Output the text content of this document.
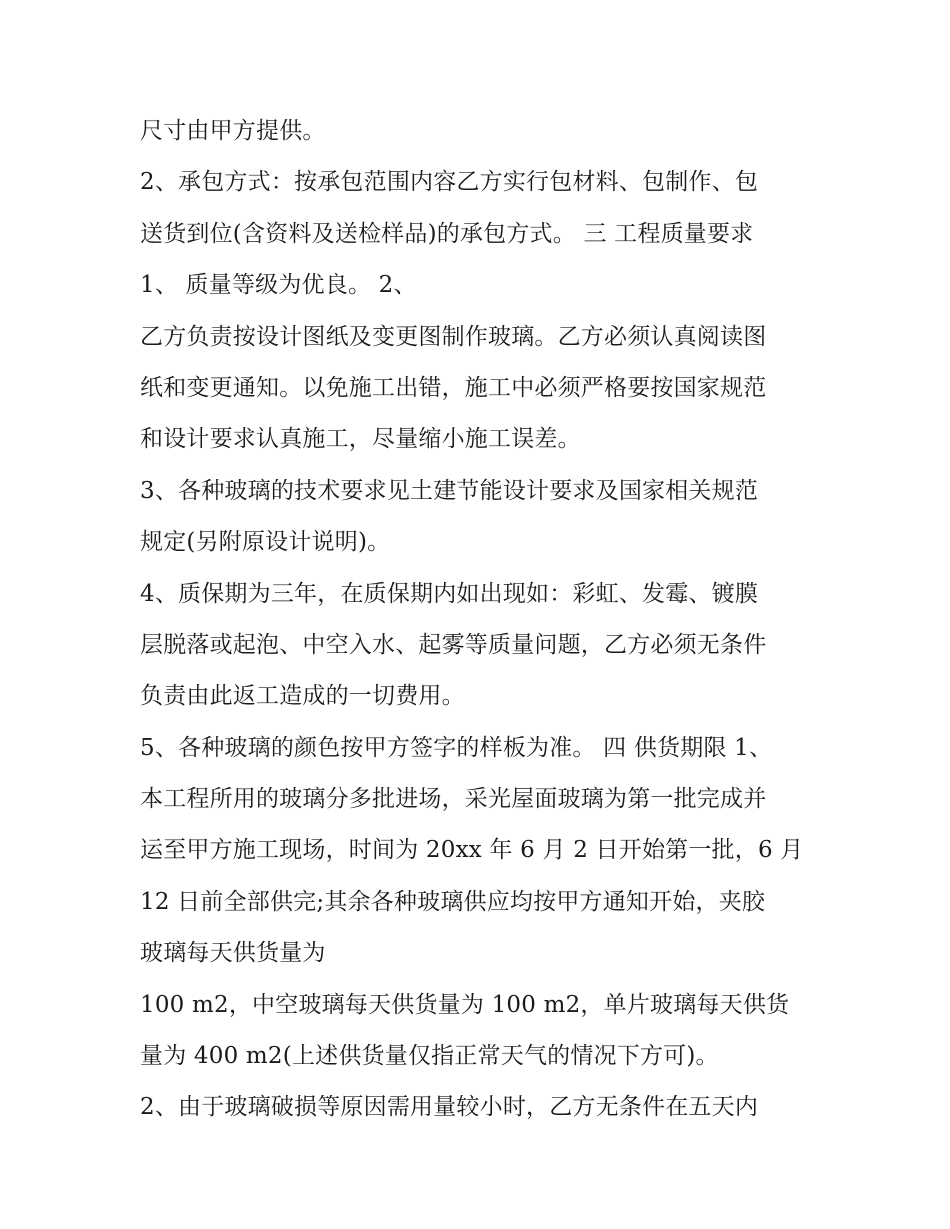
尺寸由甲方提供。
2、承包方式：按承包范围内容乙方实行包材料、包制作、包
送货到位(含资料及送检样品)的承包方式。 三 工程质量要求
1、 质量等级为优良。 2、
乙方负责按设计图纸及变更图制作玻璃。乙方必须认真阅读图
纸和变更通知。以免施工出错，施工中必须严格要按国家规范
和设计要求认真施工，尽量缩小施工误差。
3、各种玻璃的技术要求见土建节能设计要求及国家相关规范
规定(另附原设计说明)。
4、质保期为三年，在质保期内如出现如：彩虹、发霉、镀膜
层脱落或起泡、中空入水、起雾等质量问题，乙方必须无条件
负责由此返工造成的一切费用。
5、各种玻璃的颜色按甲方签字的样板为准。 四 供货期限 1、
本工程所用的玻璃分多批进场，采光屋面玻璃为第一批完成并
运至甲方施工现场，时间为 20xx 年 6 月 2 日开始第一批，6 月
12 日前全部供完;其余各种玻璃供应均按甲方通知开始，夹胶
玻璃每天供货量为
100 m2，中空玻璃每天供货量为 100 m2，单片玻璃每天供货
量为 400 m2(上述供货量仅指正常天气的情况下方可)。
2、由于玻璃破损等原因需用量较小时，乙方无条件在五天内
